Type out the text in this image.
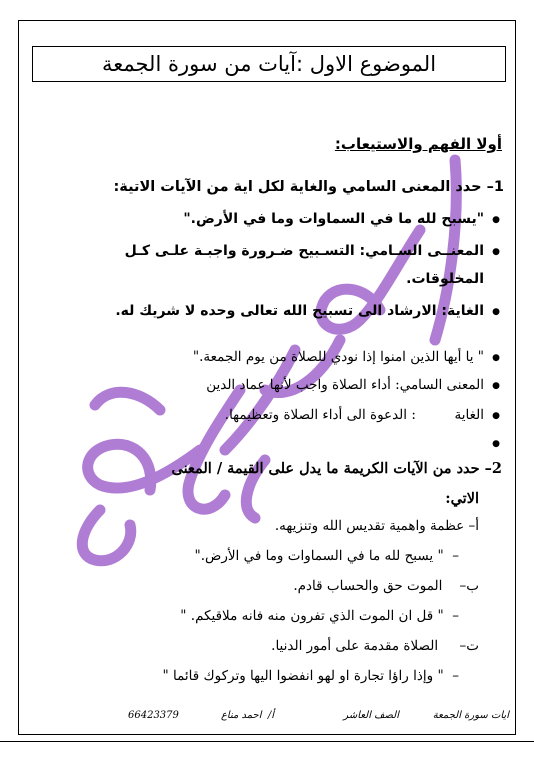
الموضوع الاول :آيات من سورة الجمعة
أولا الفهم والاستيعاب:
1– حدد المعنى السامي والغاية لكل اية من الآيات الاتية:
● "يسبح لله ما في السماوات وما في الأرض."
● المعنــى السـامي: التسـبيح ضـرورة واجبـة علـى كـل
المخلوقات.
● الغاية: الارشاد الى تسبيح الله تعالى وحده لا شريك له.
● " يا أيها الذين امنوا إذا نودي للصلاة من يوم الجمعة."
● المعنى السامي: أداء الصلاة واجب لأنها عماد الدين
● الغاية         : الدعوة الى أداء الصلاة وتعظيمها.
2– حدد من الآيات الكريمة ما يدل على القيمة / المعنى
الاتي:
أ– عظمة واهمية تقديس الله وتنزيهه.
–  " يسبح لله ما في السماوات وما في الأرض."
ب–    الموت حق والحساب قادم.
–  " قل ان الموت الذي تفرون منه فانه ملاقيكم. "
ت–     الصلاة مقدمة على أمور الدنيا.
–  " وإذا راؤا تجارة او لهو انفضوا اليها وتركوك قائما "
ايات سورة الجمعة
الصف العاشر
أ/  احمد مناع
66423379
